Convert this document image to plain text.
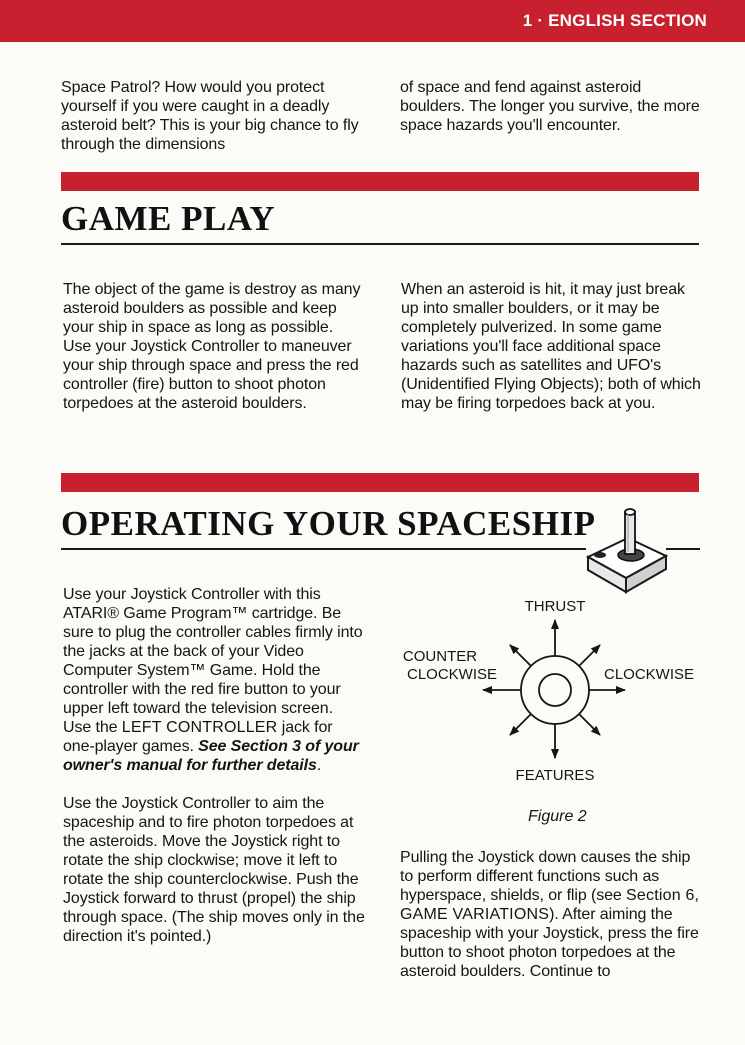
1 · ENGLISH SECTION

Space Patrol? How would you protect yourself if you were caught in a deadly asteroid belt? This is your big chance to fly through the dimensions

of space and fend against asteroid boulders. The longer you survive, the more space hazards you'll encounter.

GAME PLAY

The object of the game is destroy as many asteroid boulders as possible and keep your ship in space as long as possible. Use your Joystick Controller to maneuver your ship through space and press the red controller (fire) button to shoot photon torpedoes at the asteroid boulders.

When an asteroid is hit, it may just break up into smaller boulders, or it may be completely pulverized. In some game variations you'll face additional space hazards such as satellites and UFO's (Unidentified Flying Objects); both of which may be firing torpedoes back at you.

OPERATING YOUR SPACESHIP

Use your Joystick Controller with this ATARI® Game Program™ cartridge. Be sure to plug the controller cables firmly into the jacks at the back of your Video Computer System™ Game. Hold the controller with the red fire button to your upper left toward the television screen. Use the LEFT CONTROLLER jack for one-player games. See Section 3 of your owner's manual for further details.

Use the Joystick Controller to aim the spaceship and to fire photon torpedoes at the asteroids. Move the Joystick right to rotate the ship clockwise; move it left to rotate the ship counterclockwise. Push the Joystick forward to thrust (propel) the ship through space. (The ship moves only in the direction it's pointed.)

THRUST
COUNTER
CLOCKWISE	CLOCKWISE
FEATURES
Figure 2

Pulling the Joystick down causes the ship to perform different functions such as hyperspace, shields, or flip (see Section 6, GAME VARIATIONS). After aiming the spaceship with your Joystick, press the fire button to shoot photon torpedoes at the asteroid boulders. Continue to
